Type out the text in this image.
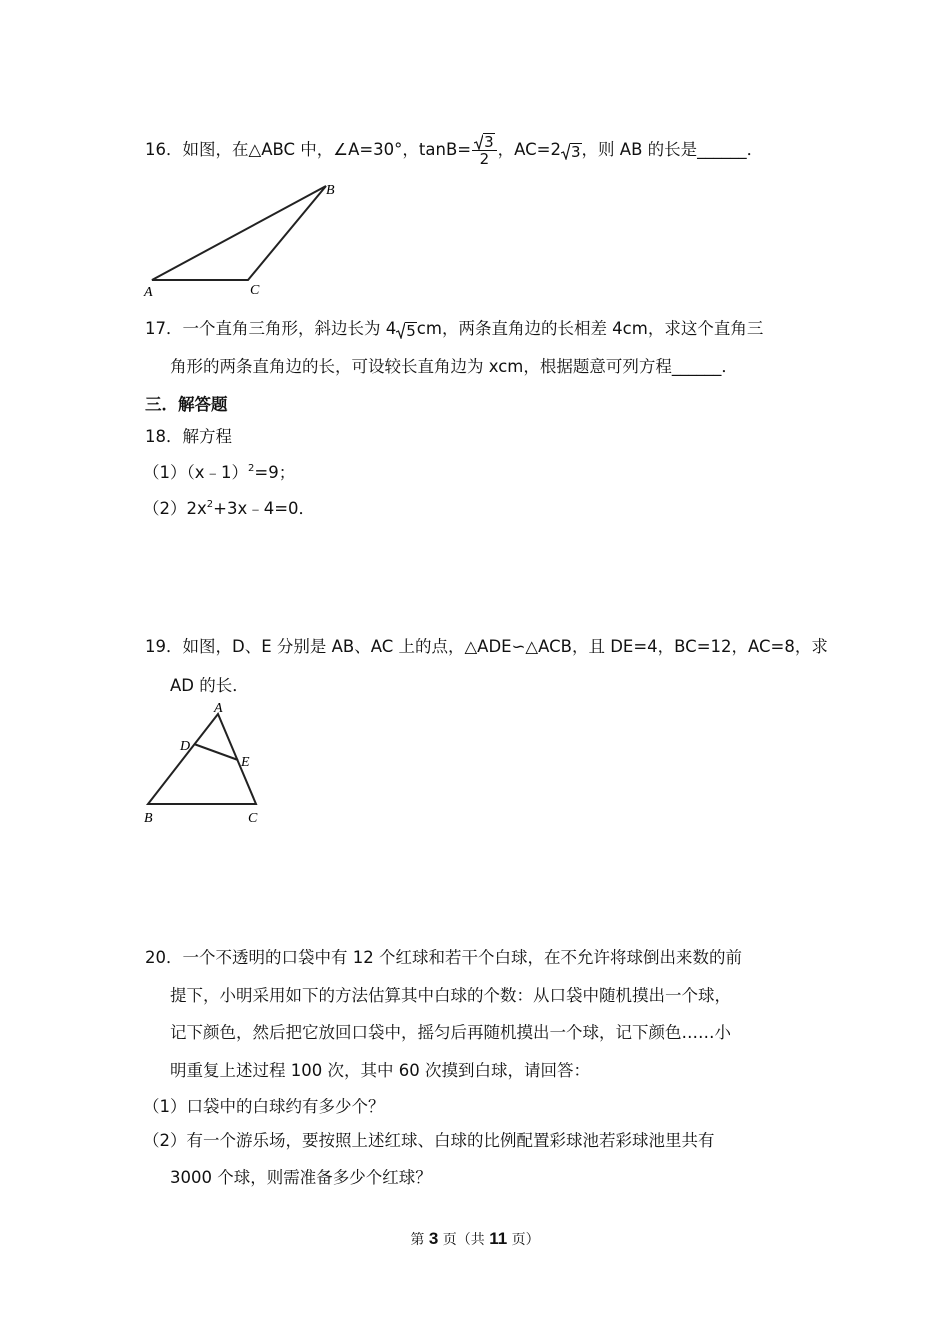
16．如图，在△ABC 中，∠A=30°，$\tan B= \frac{3}{2}$ ，AC=2 3，则 AB 的长是______．
A
B
C
17．一个直角三角形，斜边长为 4 5cm，两条直角边的长相差 4cm，求这个直角三
角形的两条直角边的长，可设较长直角边为 xcm，根据题意可列方程______．
三．解答题
18．解方程
（1）（x﹣1）$^2$=9；
$(2)2x^2+3x﹣4=0$．
19．如图，D、E 分别是 AB、AC 上的点，△ADE∽△ACB，且 DE=4，BC=12，AC=8，求
AD 的长．
A
D
E
B	C
20．一个不透明的口袋中有 12 个红球和若干个白球，在不允许将球倒出来数的前
提下，小明采用如下的方法估算其中白球的个数：从口袋中随机摸出一个球，
记下颜色，然后把它放回口袋中，摇匀后再随机摸出一个球，记下颜色……小
明重复上述过程 100 次，其中 60 次摸到白球，请回答：
（1）口袋中的白球约有多少个？
（2）有一个游乐场，要按照上述红球、白球的比例配置彩球池若彩球池里共有
3000 个球，则需准备多少个红球？
第 3 页（共 11 页）
